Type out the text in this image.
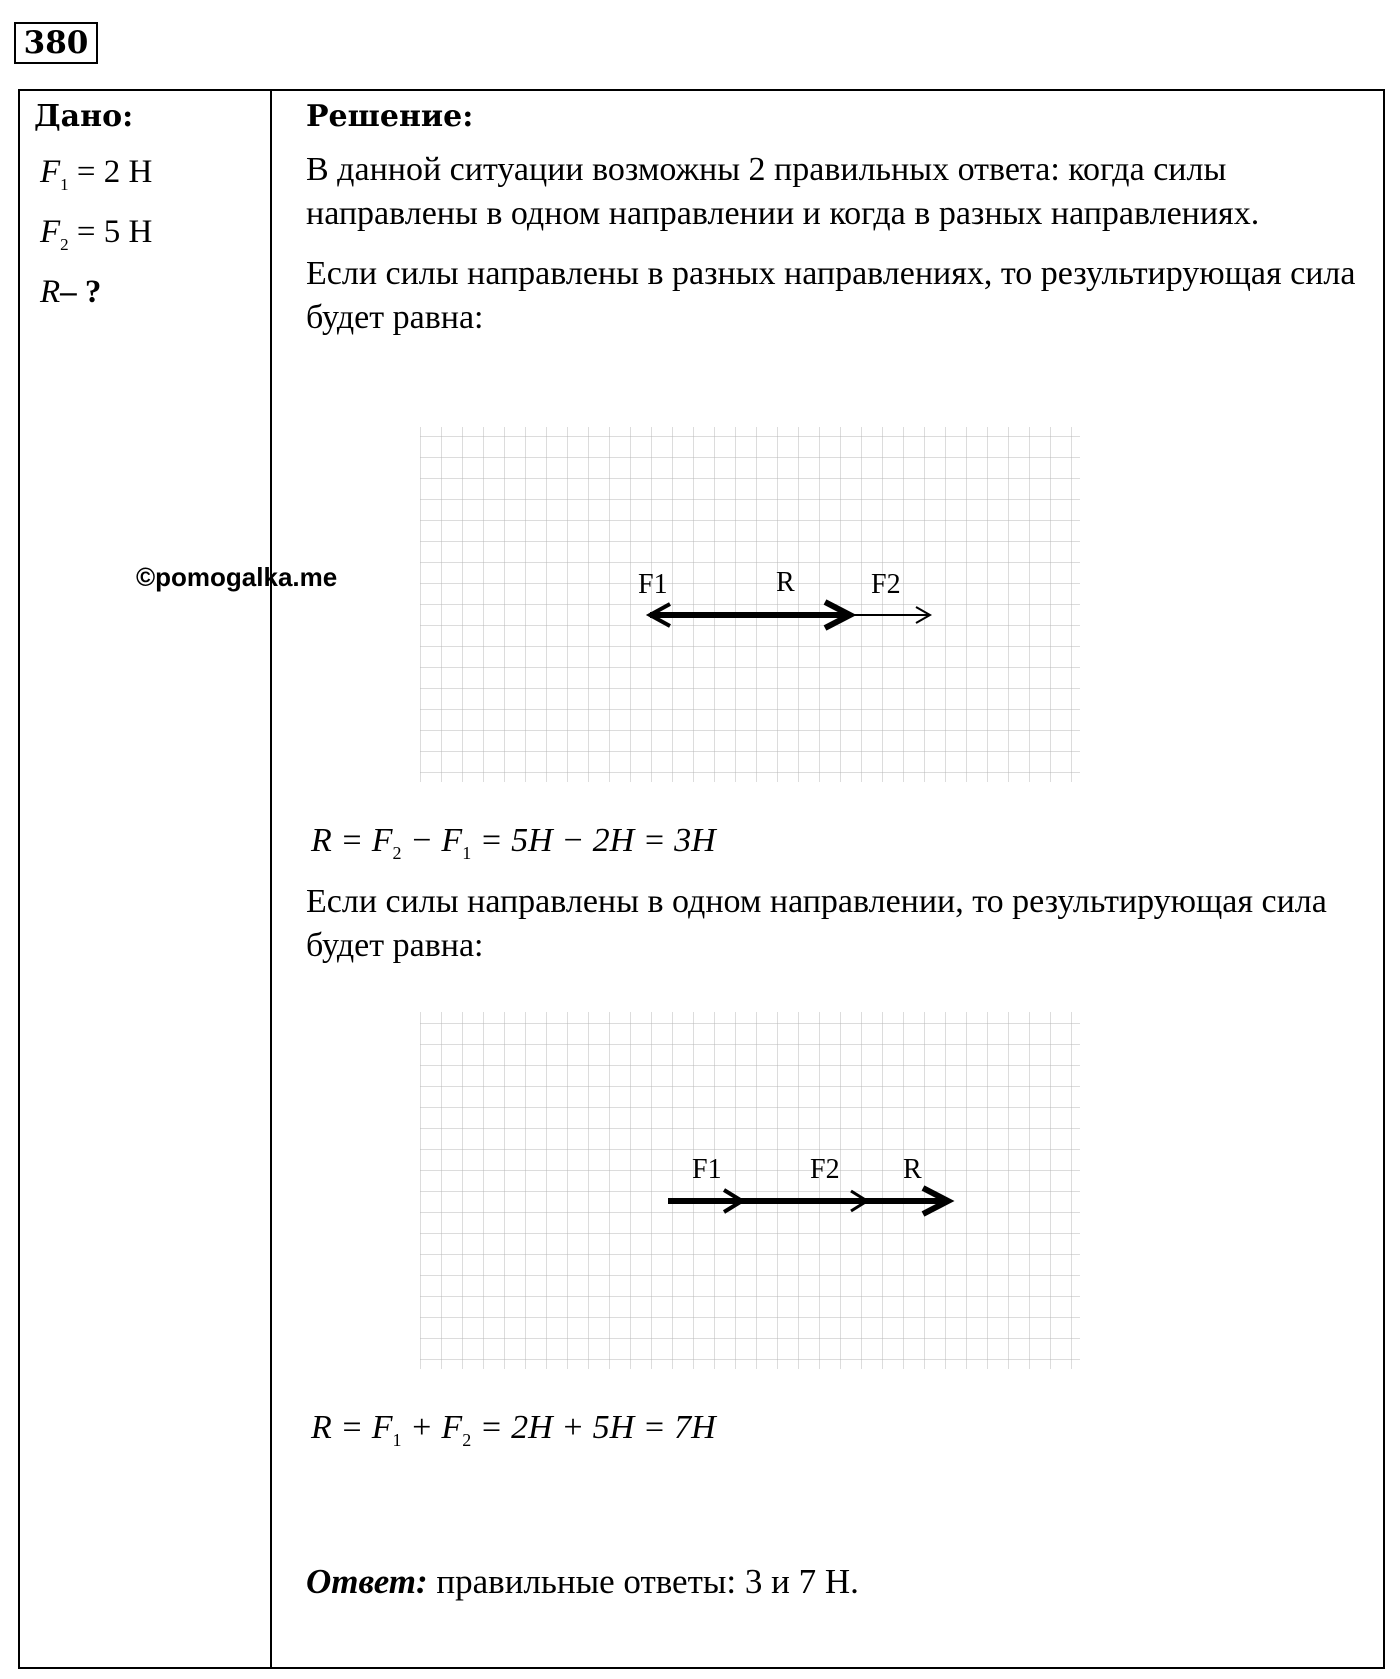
380
Дано:
$F_1 = 2$ Н
$F_2 = 5$ Н
R– ?
Решение:

В данной ситуации возможны 2 правильных ответа: когда силы направлены в одном направлении и когда в разных направлениях.

Если силы направлены в разных направлениях, то результирующая сила будет равна:

©pomogalka.me	F1	R	F2
$R = F_2 - F_1 = 5H - 2H = 3H$

Если силы направлены в одном направлении, то результирующая сила будет равна:

F1	F2 R
$R = F_1 + F_2 = 2H + 5H = 7H$
Ответ: правильные ответы: 3 и 7 Н.
